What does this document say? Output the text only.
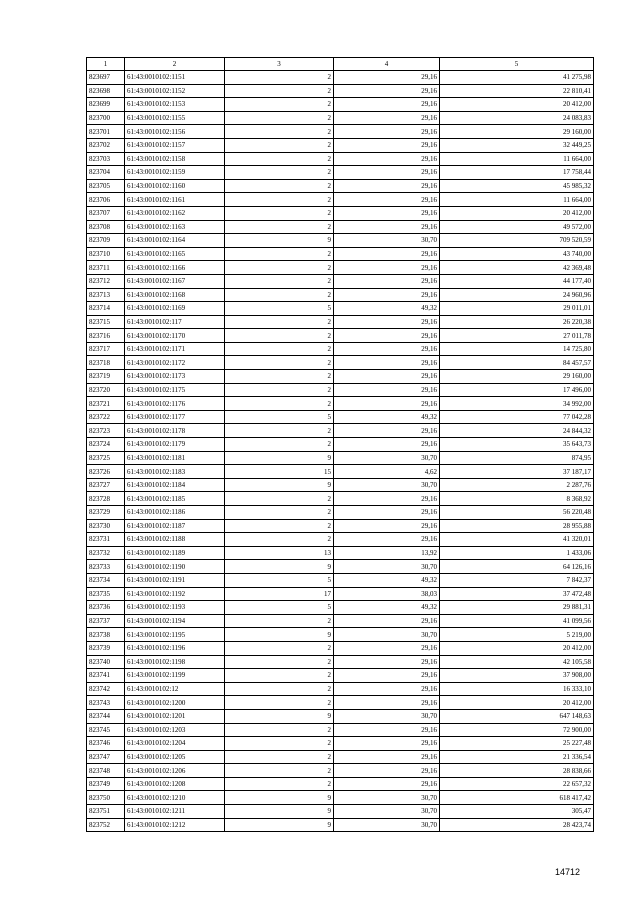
1	2	3	4	5
823697	61:43:0010102:1151	2	29,16	41 275,98
823698	61:43:0010102:1152	2	29,16	22 810,41
823699	61:43:0010102:1153	2	29,16	20 412,00
823700	61:43:0010102:1155	2	29,16	24 083,83
823701	61:43:0010102:1156	2	29,16	29 160,00
823702	61:43:0010102:1157	2	29,16	32 449,25
823703	61:43:0010102:1158	2	29,16	11 664,00
823704	61:43:0010102:1159	2	29,16	17 758,44
823705	61:43:0010102:1160	2	29,16	45 985,32
823706	61:43:0010102:1161	2	29,16	11 664,00
823707	61:43:0010102:1162	2	29,16	20 412,00
823708	61:43:0010102:1163	2	29,16	49 572,00
823709	61:43:0010102:1164	9	30,70	709 520,59
823710	61:43:0010102:1165	2	29,16	43 740,00
823711	61:43:0010102:1166	2	29,16	42 369,48
823712	61:43:0010102:1167	2	29,16	44 177,40
823713	61:43:0010102:1168	2	29,16	24 960,96
823714	61:43:0010102:1169	5	49,32	29 011,01
823715	61:43:0010102:117	2	29,16	26 220,38
823716	61:43:0010102:1170	2	29,16	27 011,78
823717	61:43:0010102:1171	2	29,16	14 725,80
823718	61:43:0010102:1172	2	29,16	84 457,57
823719	61:43:0010102:1173	2	29,16	29 160,00
823720	61:43:0010102:1175	2	29,16	17 496,00
823721	61:43:0010102:1176	2	29,16	34 992,00
823722	61:43:0010102:1177	5	49,32	77 042,28
823723	61:43:0010102:1178	2	29,16	24 844,32
823724	61:43:0010102:1179	2	29,16	35 643,73
823725	61:43:0010102:1181	9	30,70	874,95
823726	61:43:0010102:1183	15	4,62	37 187,17
823727	61:43:0010102:1184	9	30,70	2 287,76
823728	61:43:0010102:1185	2	29,16	8 368,92
823729	61:43:0010102:1186	2	29,16	56 220,48
823730	61:43:0010102:1187	2	29,16	28 955,88
823731	61:43:0010102:1188	2	29,16	41 320,01
823732	61:43:0010102:1189	13	13,92	1 433,06
823733	61:43:0010102:1190	9	30,70	64 126,16
823734	61:43:0010102:1191	5	49,32	7 842,37
823735	61:43:0010102:1192	17	38,03	37 472,48
823736	61:43:0010102:1193	5	49,32	29 881,31
823737	61:43:0010102:1194	2	29,16	41 099,56
823738	61:43:0010102:1195	9	30,70	5 219,00
823739	61:43:0010102:1196	2	29,16	20 412,00
823740	61:43:0010102:1198	2	29,16	42 105,58
823741	61:43:0010102:1199	2	29,16	37 908,00
823742	61:43:0010102:12	2	29,16	16 333,10
823743	61:43:0010102:1200	2	29,16	20 412,00
823744	61:43:0010102:1201	9	30,70	647 148,63
823745	61:43:0010102:1203	2	29,16	72 900,00
823746	61:43:0010102:1204	2	29,16	25 227,48
823747	61:43:0010102:1205	2	29,16	21 336,54
823748	61:43:0010102:1206	2	29,16	28 838,66
823749	61:43:0010102:1208	2	29,16	22 657,32
823750	61:43:0010102:1210	9	30,70	618 417,42
823751	61:43:0010102:1211	9	30,70	305,47
823752	61:43:0010102:1212	9	30,70	28 423,74
14712
